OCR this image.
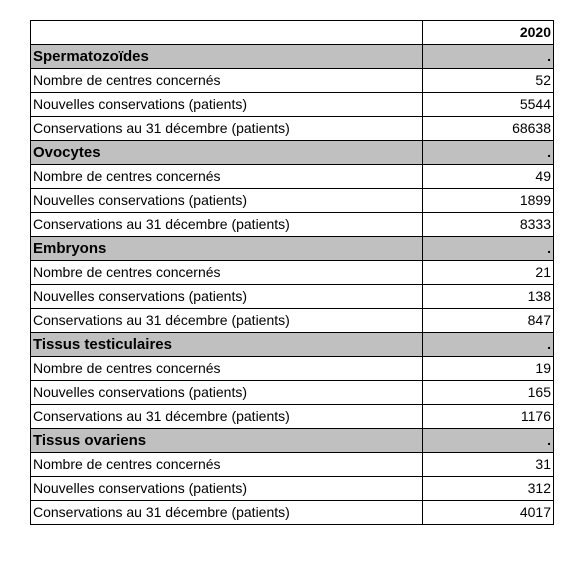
	2020
Spermatozoïdes	.
Nombre de centres concernés	52
Nouvelles conservations (patients)	5544
Conservations au 31 décembre (patients)	68638
Ovocytes	.
Nombre de centres concernés	49
Nouvelles conservations (patients)	1899
Conservations au 31 décembre (patients)	8333
Embryons	.
Nombre de centres concernés	21
Nouvelles conservations (patients)	138
Conservations au 31 décembre (patients)	847
Tissus testiculaires	.
Nombre de centres concernés	19
Nouvelles conservations (patients)	165
Conservations au 31 décembre (patients)	1176
Tissus ovariens	.
Nombre de centres concernés	31
Nouvelles conservations (patients)	312
Conservations au 31 décembre (patients)	4017
